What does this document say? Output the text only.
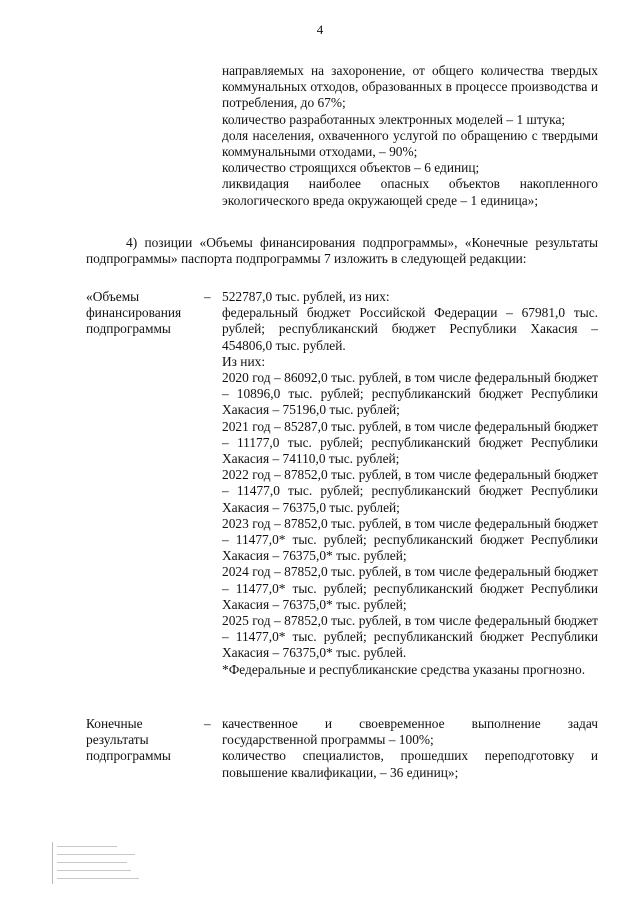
4

направляемых на захоронение, от общего количества твердых коммунальных отходов, образованных в процессе производства и потребления, до 67%;

количество разработанных электронных моделей – 1 штука;

доля населения, охваченного услугой по обращению с твердыми коммунальными отходами, – 90%;

количество строящихся объектов – 6 единиц;

ликвидация наиболее опасных объектов накопленного экологического вреда окружающей среде – 1 единица»;

4) позиции «Объемы финансирования подпрограммы», «Конечные результаты подпрограммы» паспорта подпрограммы 7 изложить в следующей редакции:

«Объемы финансирования подпрограммы
– 522787,0 тыс. рублей, из них:

федеральный бюджет Российской Федерации – 67981,0 тыс. рублей; республиканский бюджет Республики Хакасия – 454806,0 тыс. рублей.

Из них:

2020 год – 86092,0 тыс. рублей, в том числе федеральный бюджет – 10896,0 тыс. рублей; республиканский бюджет Республики Хакасия – 75196,0 тыс. рублей;

2021 год – 85287,0 тыс. рублей, в том числе федеральный бюджет – 11177,0 тыс. рублей; республиканский бюджет Республики Хакасия – 74110,0 тыс. рублей;

2022 год – 87852,0 тыс. рублей, в том числе федеральный бюджет – 11477,0 тыс. рублей; республиканский бюджет Республики Хакасия – 76375,0 тыс. рублей;

2023 год – 87852,0 тыс. рублей, в том числе федеральный бюджет – 11477,0* тыс. рублей; республиканский бюджет Республики Хакасия – 76375,0* тыс. рублей;

2024 год – 87852,0 тыс. рублей, в том числе федеральный бюджет – 11477,0* тыс. рублей; республиканский бюджет Республики Хакасия – 76375,0* тыс. рублей;

2025 год – 87852,0 тыс. рублей, в том числе федеральный бюджет – 11477,0* тыс. рублей; республиканский бюджет Республики Хакасия – 76375,0* тыс. рублей.

*Федеральные и республиканские средства указаны прогнозно.

Конечные результаты подпрограммы
– качественное и своевременное выполнение задач государственной программы – 100%;

количество специалистов, прошедших переподготовку и повышение квалификации, – 36 единиц»;
